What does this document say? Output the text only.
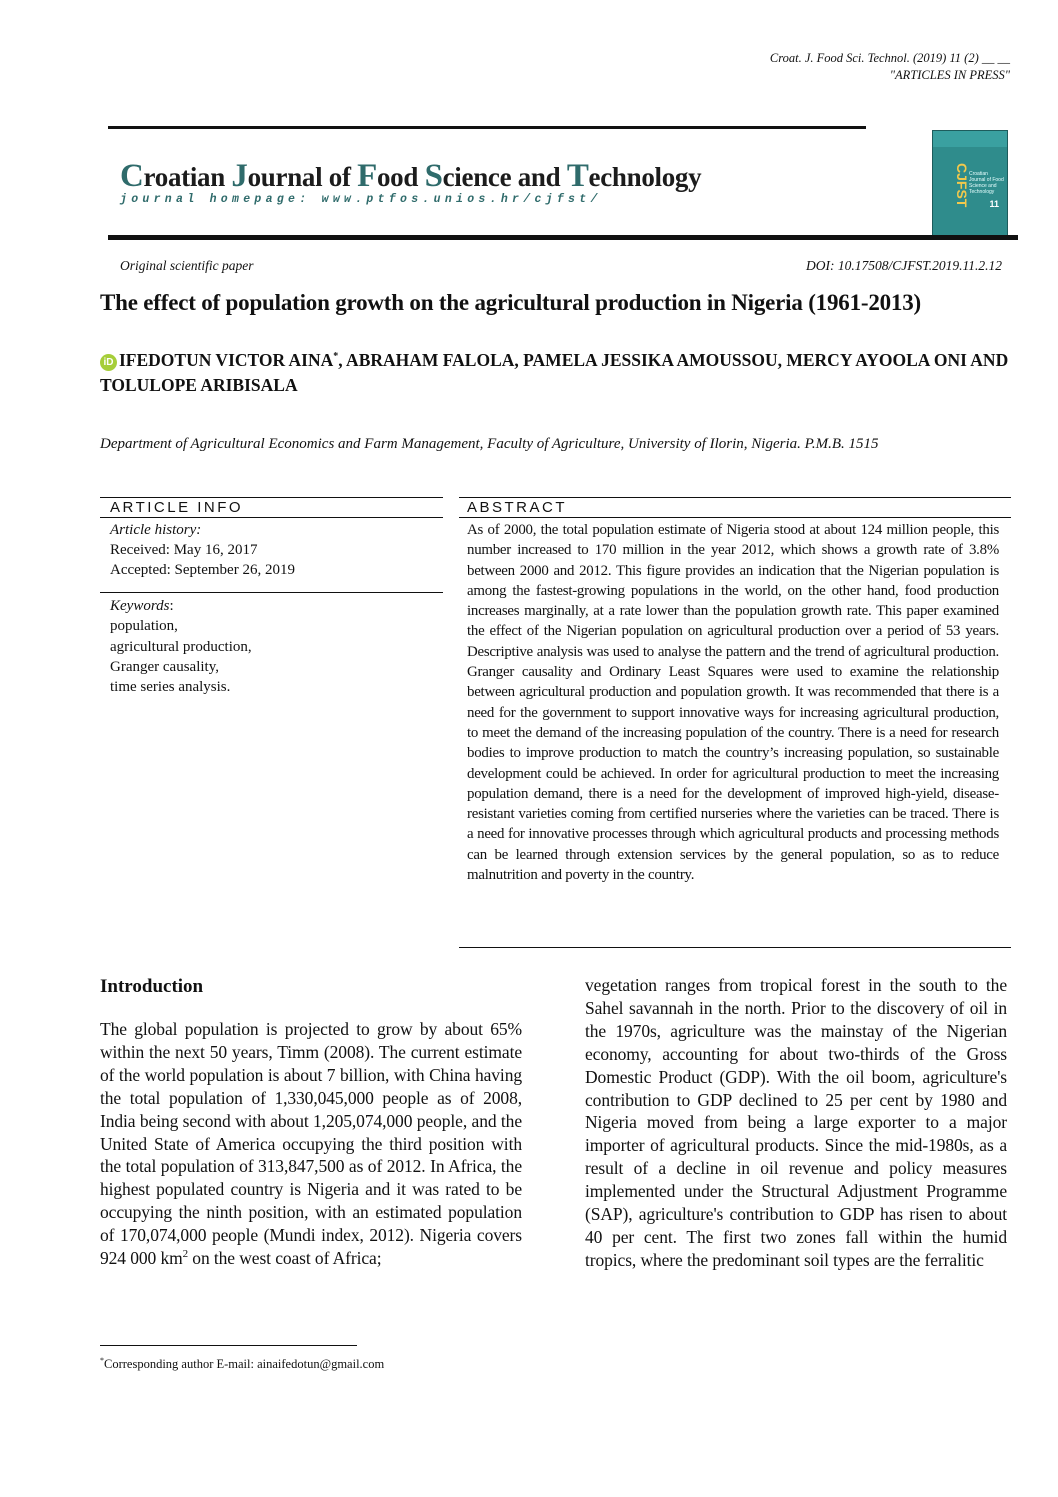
Croat. J. Food Sci. Technol. (2019) 11 (2) __ __
"ARTICLES IN PRESS"
Croatian Journal of Food Science and Technology
journal homepage: www.ptfos.unios.hr/cjfst/	CJFST Croatian Journal of Food Science and Technology
11
Original scientific paper	DOI: 10.17508/CJFST.2019.11.2.12
The effect of population growth on the agricultural production in Nigeria (1961-2013)
iD IFEDOTUN VICTOR AINA*, ABRAHAM FALOLA, PAMELA JESSIKA AMOUSSOU, MERCY AYOOLA ONI AND TOLULOPE ARIBISALA
Department of Agricultural Economics and Farm Management, Faculty of Agriculture, University of Ilorin, Nigeria. P.M.B. 1515
ARTICLE INFO	ABSTRACT
Article history:
Received: May 16, 2017
Accepted: September 26, 2019
Keywords:
population,
agricultural production,
Granger causality,
time series analysis.
As of 2000, the total population estimate of Nigeria stood at about 124 million people, this number increased to 170 million in the year 2012, which shows a growth rate of 3.8% between 2000 and 2012. This figure provides an indication that the Nigerian population is among the fastest-growing populations in the world, on the other hand, food production increases marginally, at a rate lower than the population growth rate. This paper examined the effect of the Nigerian population on agricultural production over a period of 53 years. Descriptive analysis was used to analyse the pattern and the trend of agricultural production. Granger causality and Ordinary Least Squares were used to examine the relationship between agricultural production and population growth. It was recommended that there is a need for the government to support innovative ways for increasing agricultural production, to meet the demand of the increasing population of the country. There is a need for research bodies to improve production to match the country’s increasing population, so sustainable development could be achieved. In order for agricultural production to meet the increasing population demand, there is a need for the development of improved high-yield, disease-resistant varieties coming from certified nurseries where the varieties can be traced. There is a need for innovative processes through which agricultural products and processing methods can be learned through extension services by the general population, so as to reduce malnutrition and poverty in the country.
Introduction
The global population is projected to grow by about 65% within the next 50 years, Timm (2008). The current estimate of the world population is about 7 billion, with China having the total population of 1,330,045,000 people as of 2008, India being second with about 1,205,074,000 people, and the United State of America occupying the third position with the total population of 313,847,500 as of 2012. In Africa, the highest populated country is Nigeria and it was rated to be occupying the ninth position, with an estimated population of 170,074,000 people (Mundi index, 2012). Nigeria covers 924 000 $km^2$ on the west coast of Africa;
vegetation ranges from tropical forest in the south to the Sahel savannah in the north. Prior to the discovery of oil in the 1970s, agriculture was the mainstay of the Nigerian economy, accounting for about two-thirds of the Gross Domestic Product (GDP). With the oil boom, agriculture's contribution to GDP declined to 25 per cent by 1980 and Nigeria moved from being a large exporter to a major importer of agricultural products. Since the mid-1980s, as a result of a decline in oil revenue and policy measures implemented under the Structural Adjustment Programme (SAP), agriculture's contribution to GDP has risen to about 40 per cent. The first two zones fall within the humid tropics, where the predominant soil types are the ferralitic
*Corresponding author E-mail: ainaifedotun@gmail.com
